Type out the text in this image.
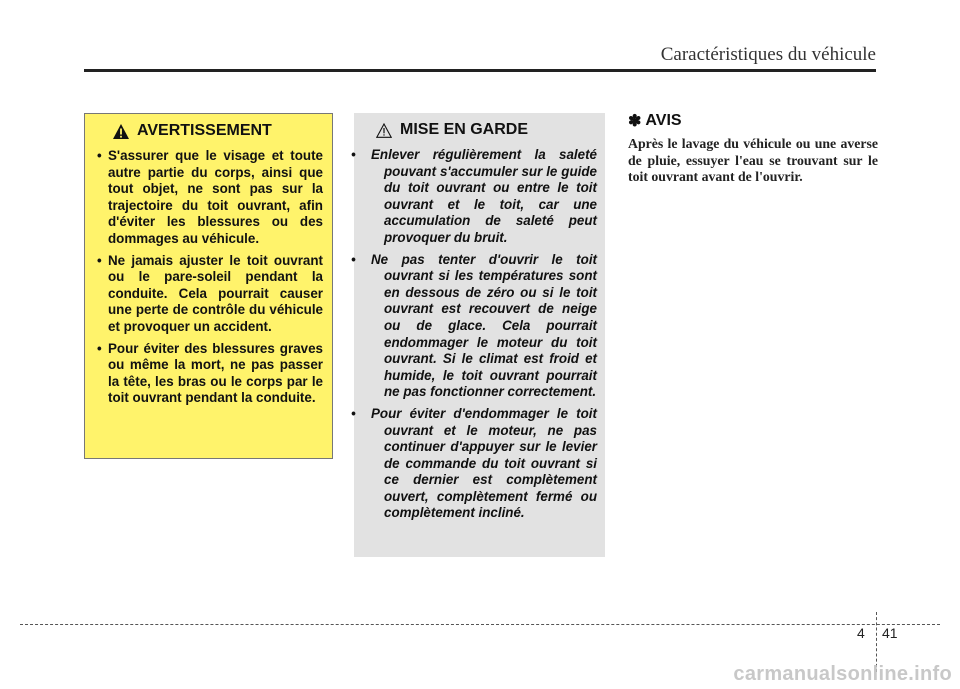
Caractéristiques du véhicule
AVERTISSEMENT
• S'assurer que le visage et toute autre partie du corps, ainsi que tout objet, ne sont pas sur la trajectoire du toit ouvrant, afin d'éviter les blessures ou des dommages au véhicule.
• Ne jamais ajuster le toit ouvrant ou le pare-soleil pendant la conduite. Cela pourrait causer une perte de contrôle du véhicule et provoquer un accident.
• Pour éviter des blessures graves ou même la mort, ne pas passer la tête, les bras ou le corps par le toit ouvrant pendant la conduite.
MISE EN GARDE
• Enlever régulièrement la saleté pouvant s'accumuler sur le guide du toit ouvrant ou entre le toit ouvrant et le toit, car une accumulation de saleté peut provoquer du bruit.
• Ne pas tenter d'ouvrir le toit ouvrant si les températures sont en dessous de zéro ou si le toit ouvrant est recouvert de neige ou de glace. Cela pourrait endommager le moteur du toit ouvrant. Si le climat est froid et humide, le toit ouvrant pourrait ne pas fonctionner correctement.
• Pour éviter d'endommager le toit ouvrant et le moteur, ne pas continuer d'appuyer sur le levier de commande du toit ouvrant si ce dernier est complètement ouvert, complètement fermé ou complètement incliné.
✽ AVIS

Après le lavage du véhicule ou une averse de pluie, essuyer l'eau se trouvant sur le toit ouvrant avant de l'ouvrir.

4 41
carmanualsonline.info
